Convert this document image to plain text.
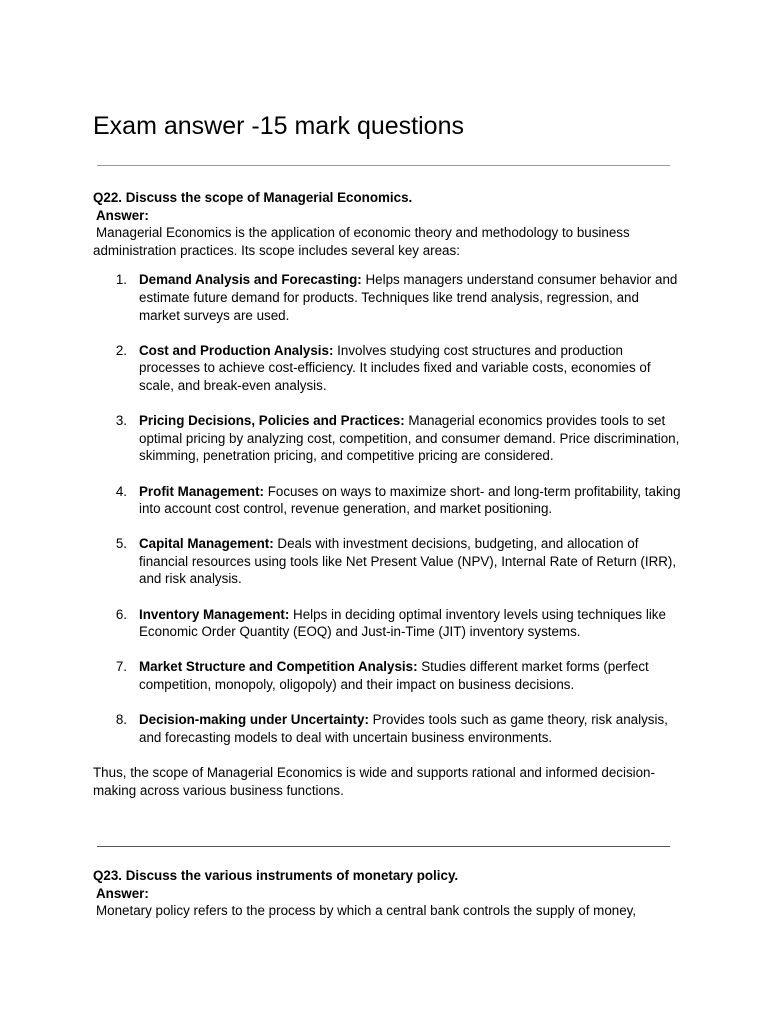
Exam answer -15 mark questions

Q22. Discuss the scope of Managerial Economics.

Answer:

Managerial Economics is the application of economic theory and methodology to business administration practices. Its scope includes several key areas:

1. Demand Analysis and Forecasting: Helps managers understand consumer behavior and estimate future demand for products. Techniques like trend analysis, regression, and market surveys are used.
2. Cost and Production Analysis: Involves studying cost structures and production processes to achieve cost-efficiency. It includes fixed and variable costs, economies of scale, and break-even analysis.
3. Pricing Decisions, Policies and Practices: Managerial economics provides tools to set optimal pricing by analyzing cost, competition, and consumer demand. Price discrimination, skimming, penetration pricing, and competitive pricing are considered.
4. Profit Management: Focuses on ways to maximize short- and long-term profitability, taking into account cost control, revenue generation, and market positioning.
5. Capital Management: Deals with investment decisions, budgeting, and allocation of financial resources using tools like Net Present Value (NPV), Internal Rate of Return (IRR), and risk analysis.
6. Inventory Management: Helps in deciding optimal inventory levels using techniques like Economic Order Quantity (EOQ) and Just-in-Time (JIT) inventory systems.
7. Market Structure and Competition Analysis: Studies different market forms (perfect competition, monopoly, oligopoly) and their impact on business decisions.
8. Decision-making under Uncertainty: Provides tools such as game theory, risk analysis, and forecasting models to deal with uncertain business environments.

Thus, the scope of Managerial Economics is wide and supports rational and informed decision-making across various business functions.

Q23. Discuss the various instruments of monetary policy.

Answer:

Monetary policy refers to the process by which a central bank controls the supply of money,
